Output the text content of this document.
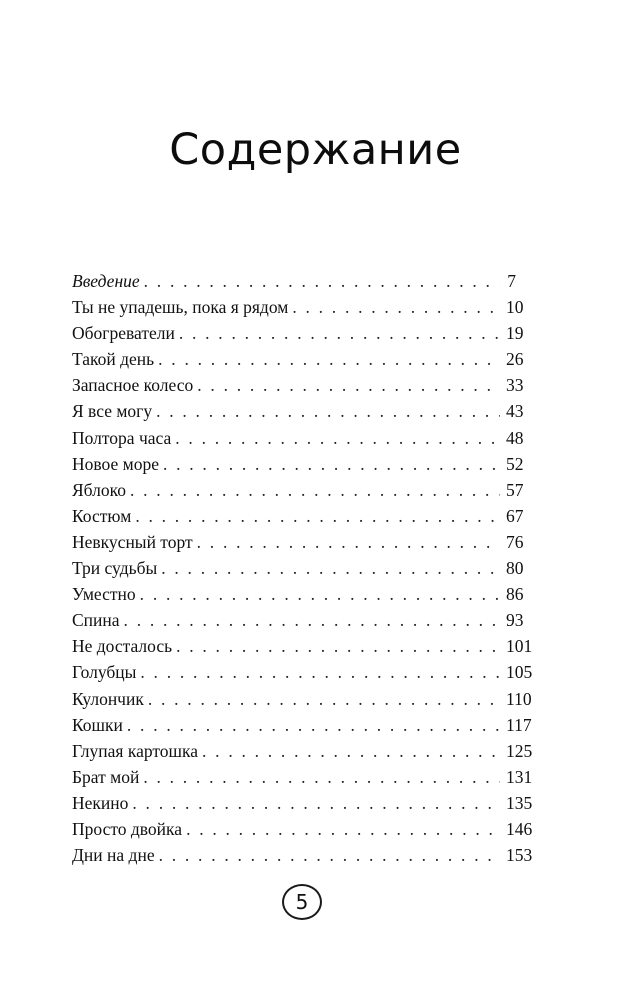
Содержание
Введение . . .	7
Ты не упадешь, пока я рядом . . .	10
Обогреватели . . .	19
Такой день . . .	26
Запасное колесо . . .	33
Я все могу . . .	43
Полтора часа . . .	48
Новое море . . .	52
Яблоко . . .	57
Костюм . . .	67
Невкусный торт . . .	76
Три судьбы . . .	80
Уместно . . .	86
Спина . . .	93
Не досталось . . .	101
Голубцы . . .	105
Кулончик . . .	110
Кошки . . .	117
Глупая картошка . . .	125
Брат мой . . .	131
Некино . . .	135
Просто двойка . . .	146
Дни на дне . . .	153
5
